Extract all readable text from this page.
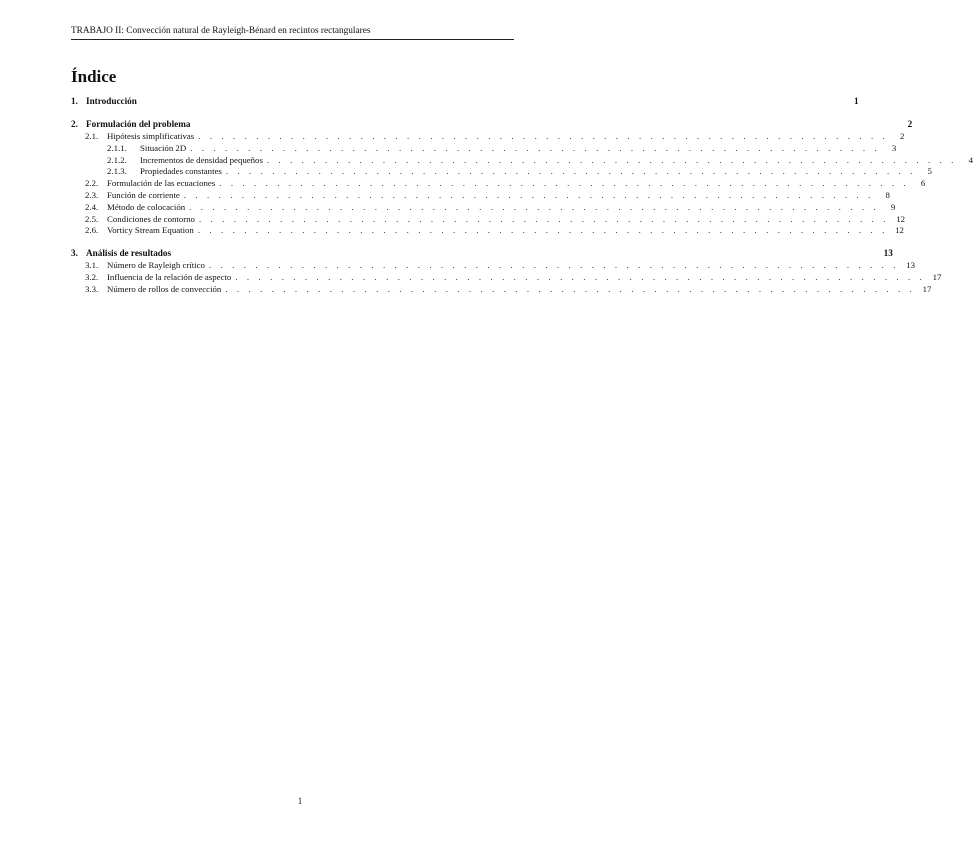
TRABAJO II: Convección natural de Rayleigh-Bénard en recintos rectangulares
Índice
1. Introducción	1
2. Formulación del problema	2
2.1. Hipótesis simplificativas . . . . . . . . . . . . . . . . . . . . . . . . . . . . . . . . . . . . . . . . . . . . . . . . . . . . . . . . . . . .	2
2.1.1.	Situación 2D . . . . . . . . . . . . . . . . . . . . . . . . . . . . . . . . . . . . . . . . . . . . . . . . . . . . . . . . . . . .	3
2.1.2.	Incrementos de densidad pequeños . . . . . . . . . . . . . . . . . . . . . . . . . . . . . . . . . . . . . . . . . . . . . . . . . . . . . . . . . . . .	4
2.1.3.	Propiedades constantes . . . . . . . . . . . . . . . . . . . . . . . . . . . . . . . . . . . . . . . . . . . . . . . . . . . . . . . . . . . .	5
2.2. Formulación de las ecuaciones . . . . . . . . . . . . . . . . . . . . . . . . . . . . . . . . . . . . . . . . . . . . . . . . . . . . . . . . . . . .	6
2.3. Función de corriente . . . . . . . . . . . . . . . . . . . . . . . . . . . . . . . . . . . . . . . . . . . . . . . . . . . . . . . . . . . .	8
2.4. Método de colocación . . . . . . . . . . . . . . . . . . . . . . . . . . . . . . . . . . . . . . . . . . . . . . . . . . . . . . . . . . . .	9
2.5. Condiciones de contorno . . . . . . . . . . . . . . . . . . . . . . . . . . . . . . . . . . . . . . . . . . . . . . . . . . . . . . . . . . . . 12
2.6. Vorticy Stream Equation . . . . . . . . . . . . . . . . . . . . . . . . . . . . . . . . . . . . . . . . . . . . . . . . . . . . . . . . . . . . 12
3. Análisis de resultados	13
3.1. Número de Rayleigh crítico . . . . . . . . . . . . . . . . . . . . . . . . . . . . . . . . . . . . . . . . . . . . . . . . . . . . . . . . . . . . 13
3.2. Influencia de la relación de aspecto . . . . . . . . . . . . . . . . . . . . . . . . . . . . . . . . . . . . . . . . . . . . . . . . . . . . . . . . . . . . 17
3.3. Número de rollos de convección . . . . . . . . . . . . . . . . . . . . . . . . . . . . . . . . . . . . . . . . . . . . . . . . . . . . . . . . . . . . 17
1
